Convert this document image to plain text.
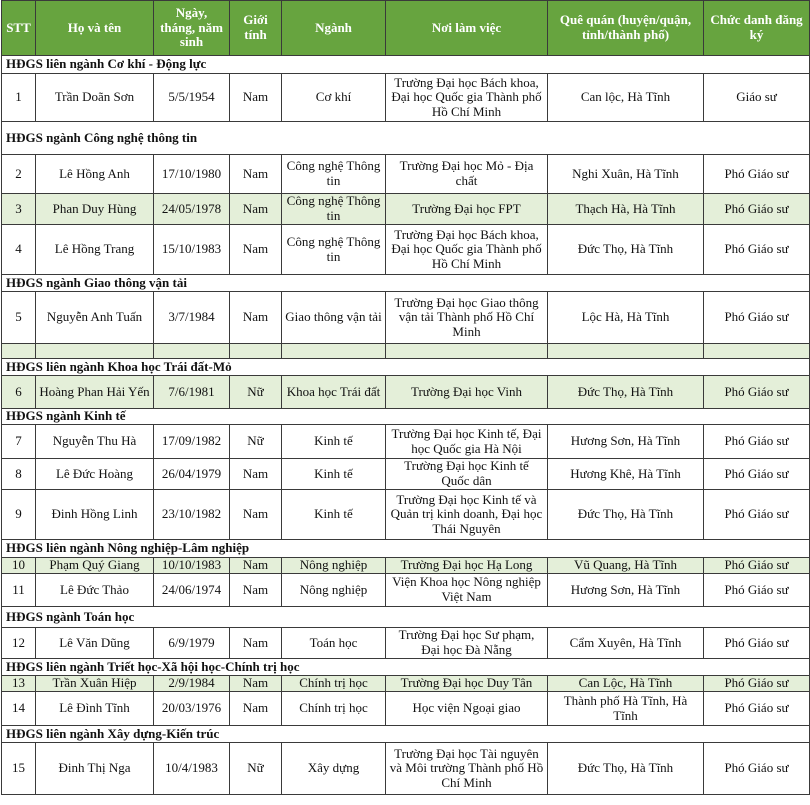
STT	Họ và tên	Ngày, tháng, năm sinh	Giới tính	Ngành	Nơi làm việc	Quê quán (huyện/quận, tỉnh/thành phố)	Chức danh đăng ký
HĐGS liên ngành Cơ khí - Động lực							
1	Trần Doãn Sơn	5/5/1954	Nam	Cơ khí	Trường Đại học Bách khoa, Đại học Quốc gia Thành phố Hồ Chí Minh	Can lộc, Hà Tĩnh	Giáo sư
HĐGS ngành Công nghệ thông tin							
2	Lê Hồng Anh	17/10/1980	Nam	Công nghệ Thông tin	Trường Đại học Mỏ - Địa chất	Nghi Xuân, Hà Tĩnh	Phó Giáo sư
3	Phan Duy Hùng	24/05/1978	Nam	Công nghệ Thông tin	Trường Đại học FPT	Thạch Hà, Hà Tĩnh	Phó Giáo sư
4	Lê Hồng Trang	15/10/1983	Nam	Công nghệ Thông tin	Trường Đại học Bách khoa, Đại học Quốc gia Thành phố Hồ Chí Minh	Đức Thọ, Hà Tĩnh	Phó Giáo sư
HĐGS ngành Giao thông vận tải							
5	Nguyễn Anh Tuấn	3/7/1984	Nam	Giao thông vận tải	Trường Đại học Giao thông vận tải Thành phố Hồ Chí Minh	Lộc Hà, Hà Tĩnh	Phó Giáo sư

HĐGS liên ngành Khoa học Trái đất-Mỏ							
6	Hoàng Phan Hải Yến	7/6/1981	Nữ	Khoa học Trái đất	Trường Đại học Vinh	Đức Thọ, Hà Tĩnh	Phó Giáo sư
HĐGS ngành Kinh tế							
7	Nguyễn Thu Hà	17/09/1982	Nữ	Kinh tế	Trường Đại học Kinh tế, Đại học Quốc gia Hà Nội	Hương Sơn, Hà Tĩnh	Phó Giáo sư
8	Lê Đức Hoàng	26/04/1979	Nam	Kinh tế	Trường Đại học Kinh tế Quốc dân	Hương Khê, Hà Tĩnh	Phó Giáo sư
9	Đinh Hồng Linh	23/10/1982	Nam	Kinh tế	Trường Đại học Kinh tế và Quản trị kinh doanh, Đại học Thái Nguyên	Đức Thọ, Hà Tĩnh	Phó Giáo sư
HĐGS liên ngành Nông nghiệp-Lâm nghiệp							
10	Phạm Quý Giang	10/10/1983	Nam	Nông nghiệp	Trường Đại học Hạ Long	Vũ Quang, Hà Tĩnh	Phó Giáo sư
11	Lê Đức Thảo	24/06/1974	Nam	Nông nghiệp	Viện Khoa học Nông nghiệp Việt Nam	Hương Sơn, Hà Tĩnh	Phó Giáo sư
HĐGS ngành Toán học							
12	Lê Văn Dũng	6/9/1979	Nam	Toán học	Trường Đại học Sư phạm, Đại học Đà Nẵng	Cẩm Xuyên, Hà Tĩnh	Phó Giáo sư
HĐGS liên ngành Triết học-Xã hội học-Chính trị học							
13	Trần Xuân Hiệp	2/9/1984	Nam	Chính trị học	Trường Đại học Duy Tân	Can Lộc, Hà Tĩnh	Phó Giáo sư
14	Lê Đình Tĩnh	20/03/1976	Nam	Chính trị học	Học viện Ngoại giao	Thành phố Hà Tĩnh, Hà Tĩnh	Phó Giáo sư
HĐGS liên ngành Xây dựng-Kiến trúc							
15	Đinh Thị Nga	10/4/1983	Nữ	Xây dựng	Trường Đại học Tài nguyên và Môi trường Thành phố Hồ Chí Minh	Đức Thọ, Hà Tĩnh	Phó Giáo sư
